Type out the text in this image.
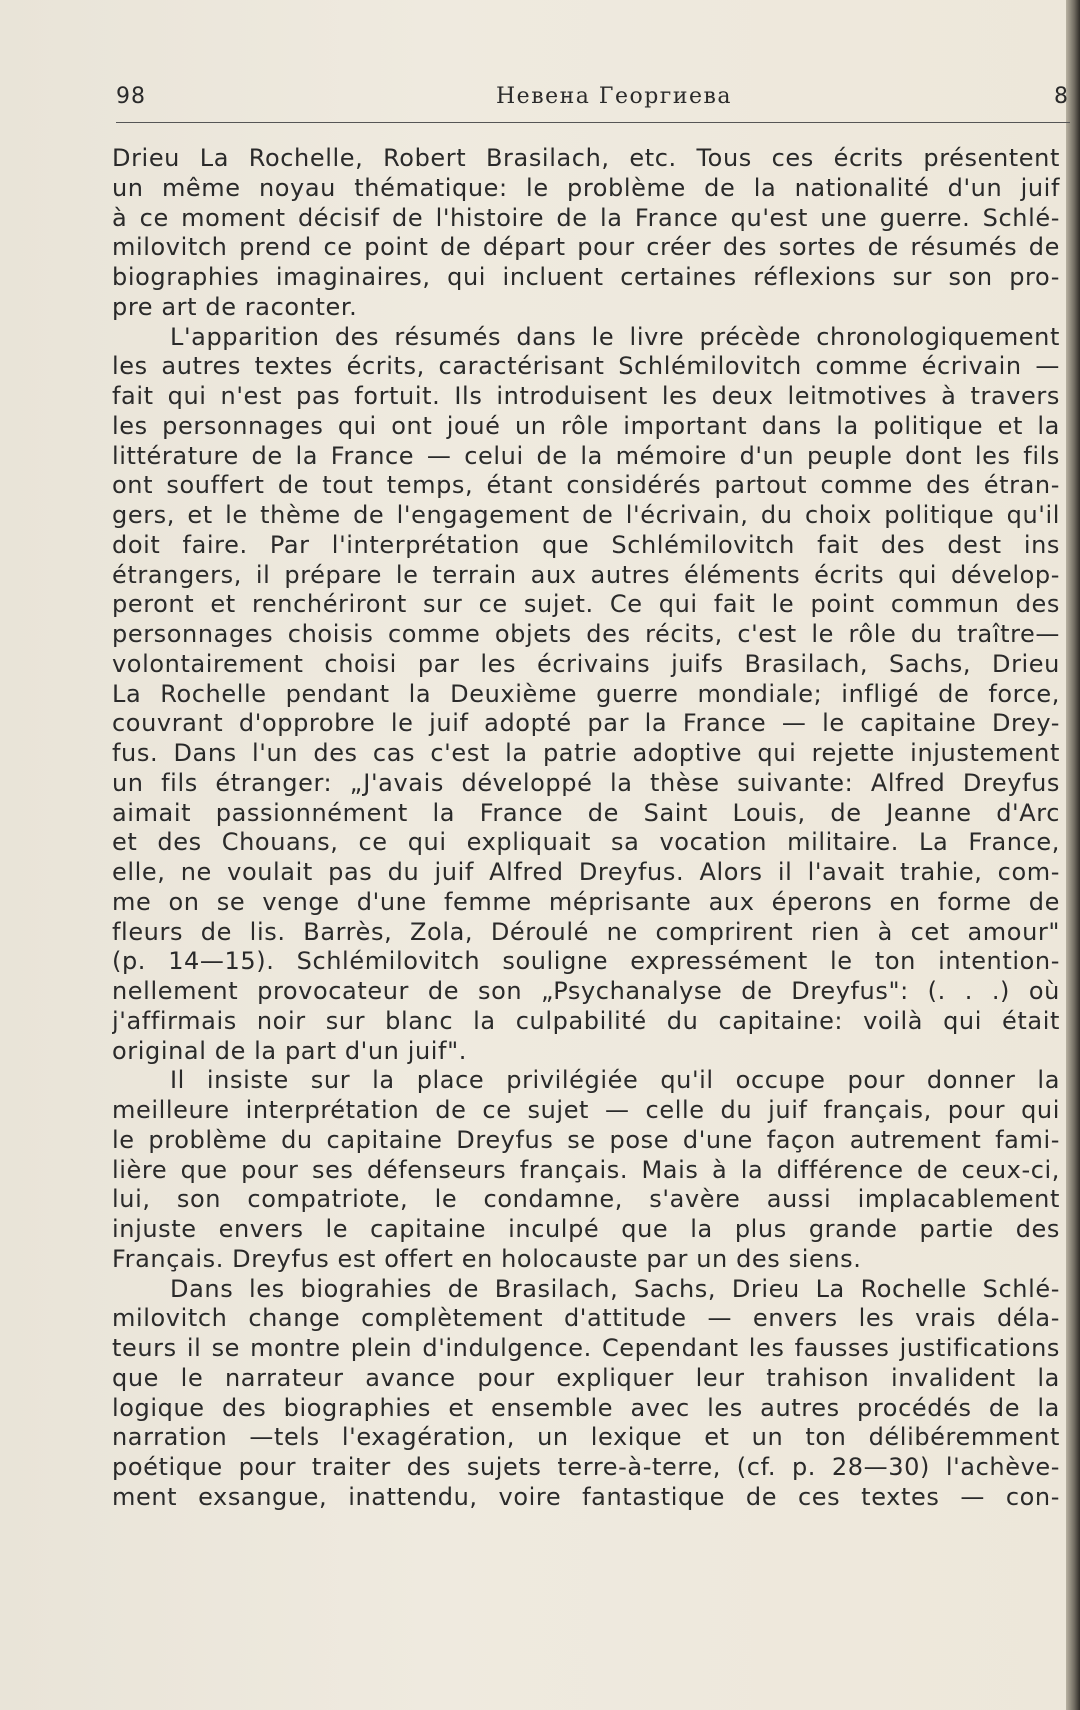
98	Невена Георгиева	8
Drieu La Rochelle, Robert Brasilach, etc. Tous ces écrits présentent
un même noyau thématique: le problème de la nationalité d'un juif
à ce moment décisif de l'histoire de la France qu'est une guerre. Schlé-
milovitch prend ce point de départ pour créer des sortes de résumés de
biographies imaginaires, qui incluent certaines réflexions sur son pro-
pre art de raconter.
L'apparition des résumés dans le livre précède chronologiquement
les autres textes écrits, caractérisant Schlémilovitch comme écrivain —
fait qui n'est pas fortuit. Ils introduisent les deux leitmotives à travers
les personnages qui ont joué un rôle important dans la politique et la
littérature de la France — celui de la mémoire d'un peuple dont les fils
ont souffert de tout temps, étant considérés partout comme des étran-
gers, et le thème de l'engagement de l'écrivain, du choix politique qu'il
doit faire. Par l'interprétation que Schlémilovitch fait des dest ins
étrangers, il prépare le terrain aux autres éléments écrits qui dévelop-
peront et renchériront sur ce sujet. Ce qui fait le point commun des
personnages choisis comme objets des récits, c'est le rôle du traître—
volontairement choisi par les écrivains juifs Brasilach, Sachs, Drieu
La Rochelle pendant la Deuxième guerre mondiale; infligé de force,
couvrant d'opprobre le juif adopté par la France — le capitaine Drey-
fus. Dans l'un des cas c'est la patrie adoptive qui rejette injustement
un fils étranger: „J'avais développé la thèse suivante: Alfred Dreyfus
aimait passionnément la France de Saint Louis, de Jeanne d'Arc
et des Chouans, ce qui expliquait sa vocation militaire. La France,
elle, ne voulait pas du juif Alfred Dreyfus. Alors il l'avait trahie, com-
me on se venge d'une femme méprisante aux éperons en forme de
fleurs de lis. Barrès, Zola, Déroulé ne comprirent rien à cet amour"
(p. 14—15). Schlémilovitch souligne expressément le ton intention-
nellement provocateur de son „Psychanalyse de Dreyfus": (. . .) où
j'affirmais noir sur blanc la culpabilité du capitaine: voilà qui était
original de la part d'un juif".
Il insiste sur la place privilégiée qu'il occupe pour donner la
meilleure interprétation de ce sujet — celle du juif français, pour qui
le problème du capitaine Dreyfus se pose d'une façon autrement fami-
lière que pour ses défenseurs français. Mais à la différence de ceux-ci,
lui, son compatriote, le condamne, s'avère aussi implacablement
injuste envers le capitaine inculpé que la plus grande partie des
Français. Dreyfus est offert en holocauste par un des siens.
Dans les biograhies de Brasilach, Sachs, Drieu La Rochelle Schlé-
milovitch change complètement d'attitude — envers les vrais déla-
teurs il se montre plein d'indulgence. Cependant les fausses justifications
que le narrateur avance pour expliquer leur trahison invalident la
logique des biographies et ensemble avec les autres procédés de la
narration —tels l'exagération, un lexique et un ton délibéremment
poétique pour traiter des sujets terre-à-terre, (cf. p. 28—30) l'achève-
ment exsangue, inattendu, voire fantastique de ces textes — con-
